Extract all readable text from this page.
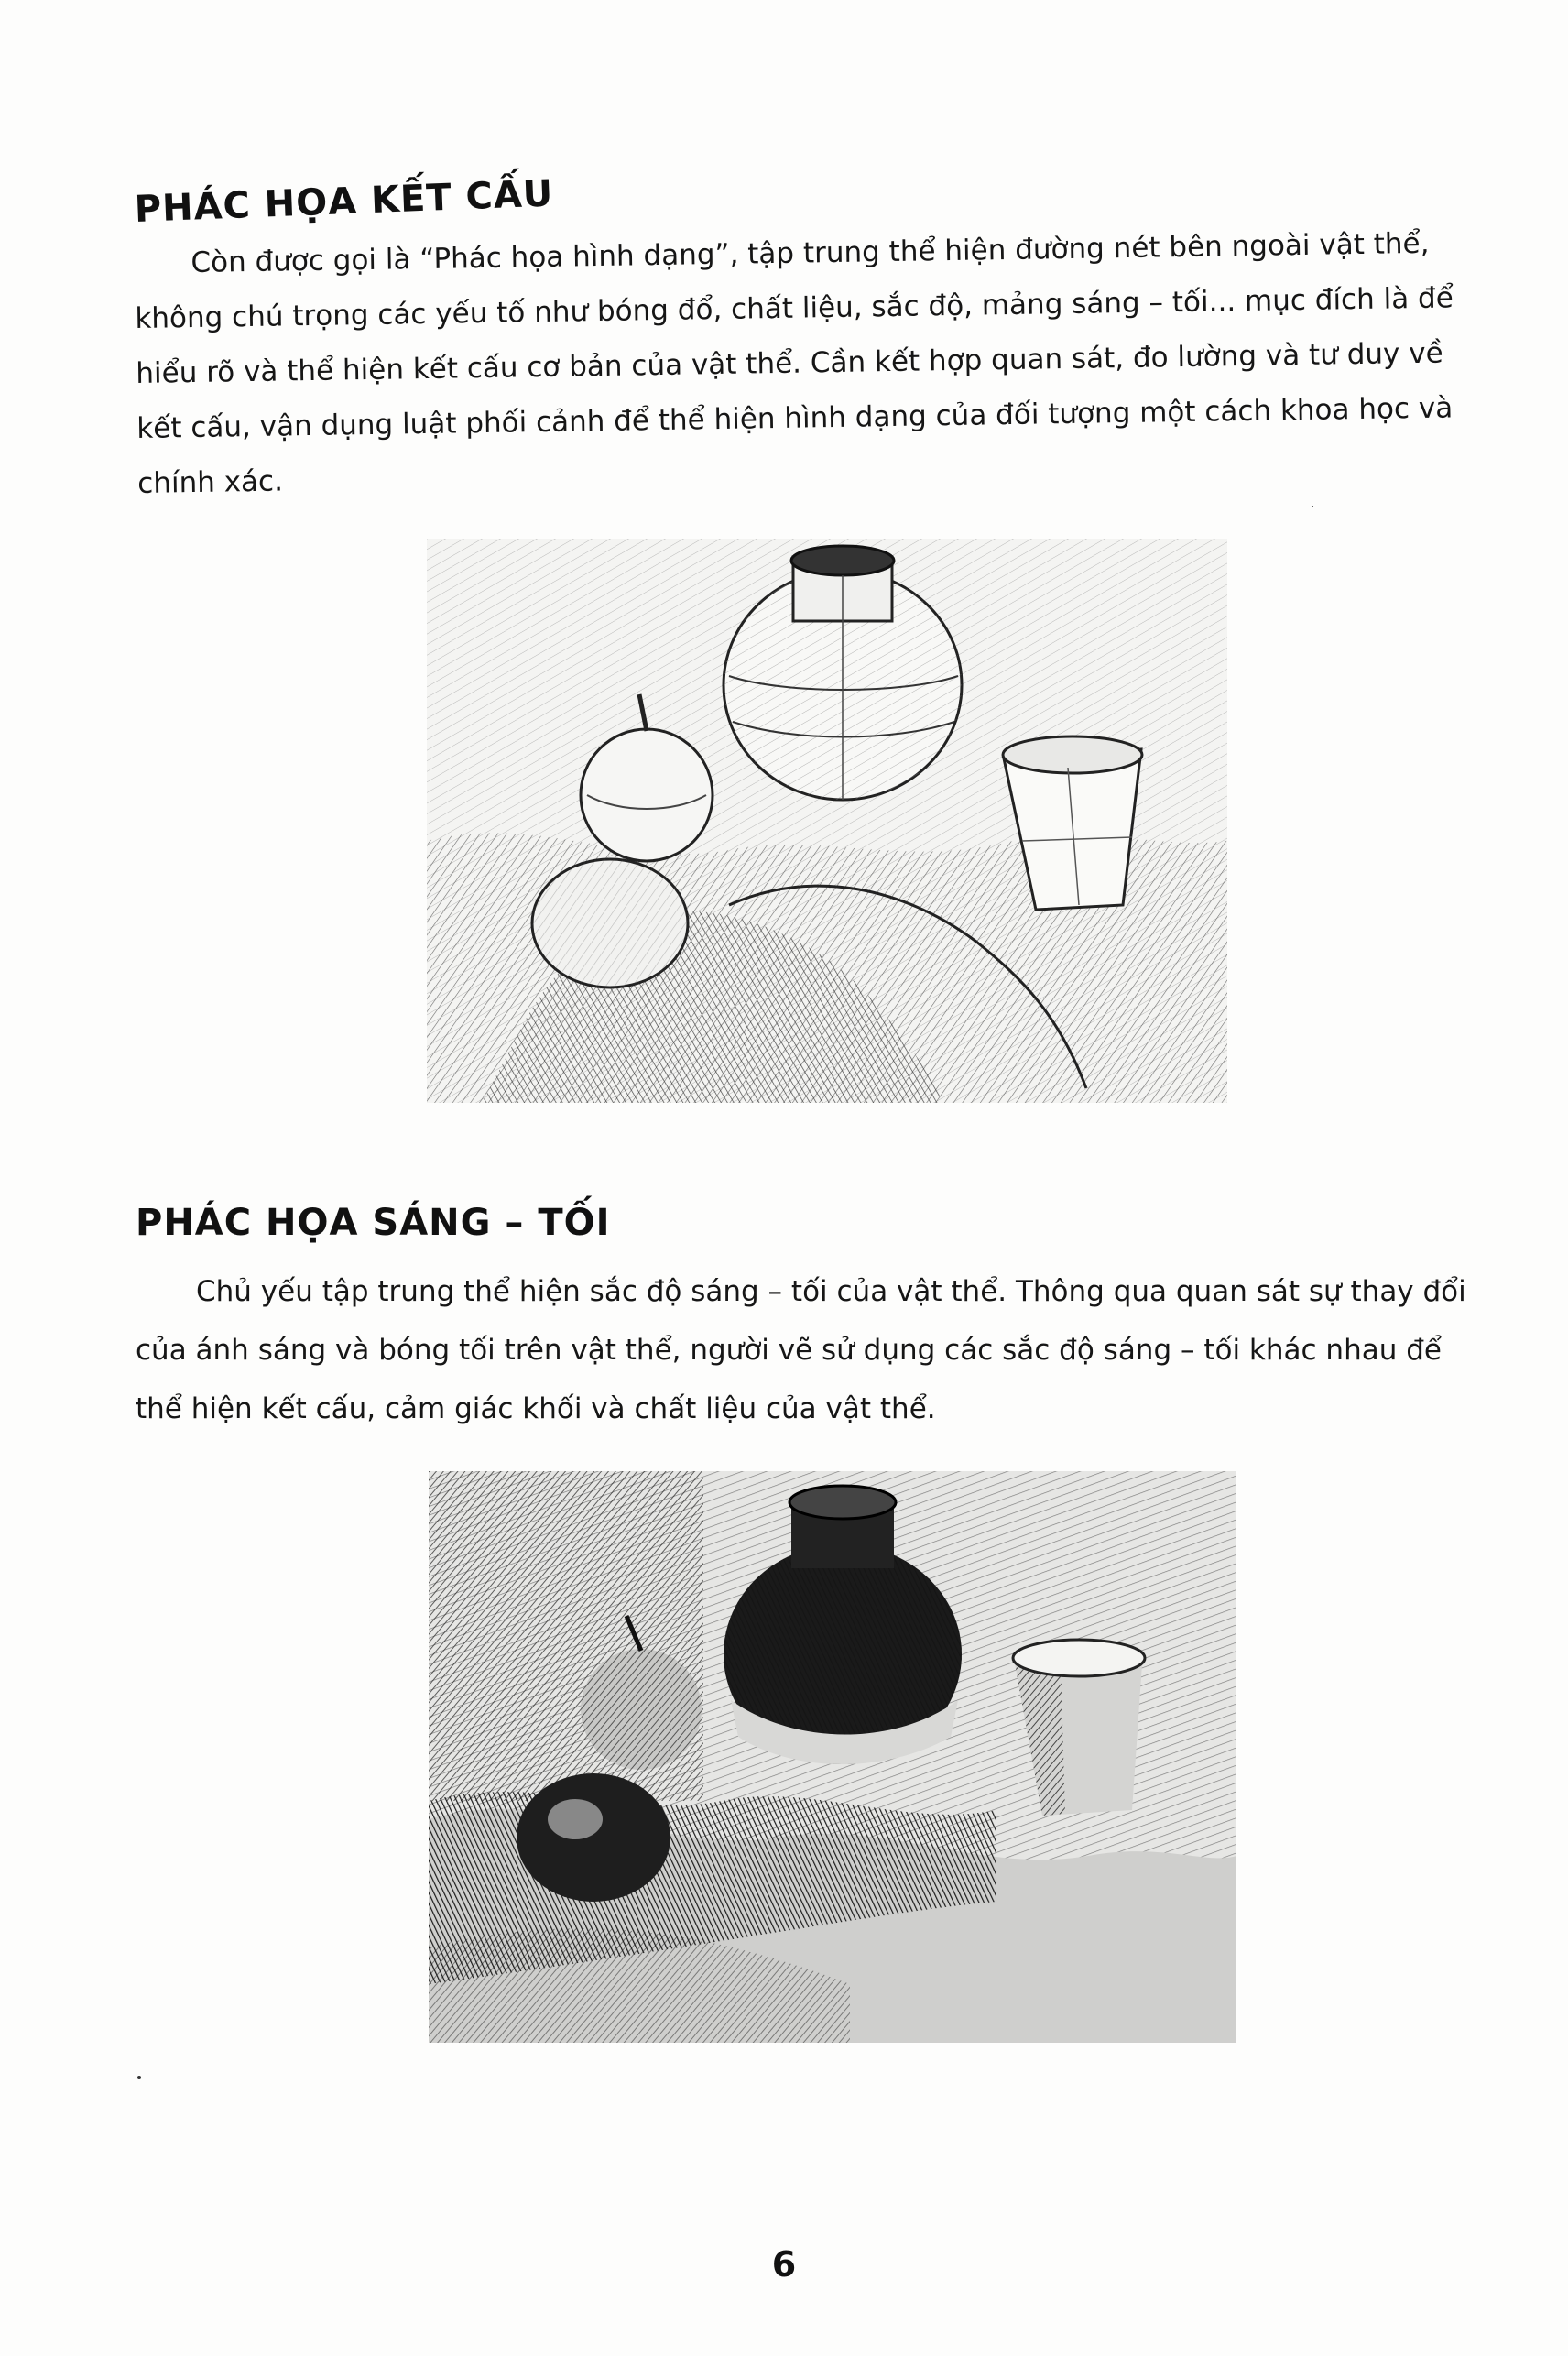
PHÁC HỌA KẾT CẤU

Còn được gọi là “Phác họa hình dạng”, tập trung thể hiện đường nét bên ngoài vật thể, không chú trọng các yếu tố như bóng đổ, chất liệu, sắc độ, mảng sáng – tối... mục đích là để hiểu rõ và thể hiện kết cấu cơ bản của vật thể. Cần kết hợp quan sát, đo lường và tư duy về kết cấu, vận dụng luật phối cảnh để thể hiện hình dạng của đối tượng một cách khoa học và chính xác.

PHÁC HỌA SÁNG – TỐI

Chủ yếu tập trung thể hiện sắc độ sáng – tối của vật thể. Thông qua quan sát sự thay đổi của ánh sáng và bóng tối trên vật thể, người vẽ sử dụng các sắc độ sáng – tối khác nhau để thể hiện kết cấu, cảm giác khối và chất liệu của vật thể.

6
